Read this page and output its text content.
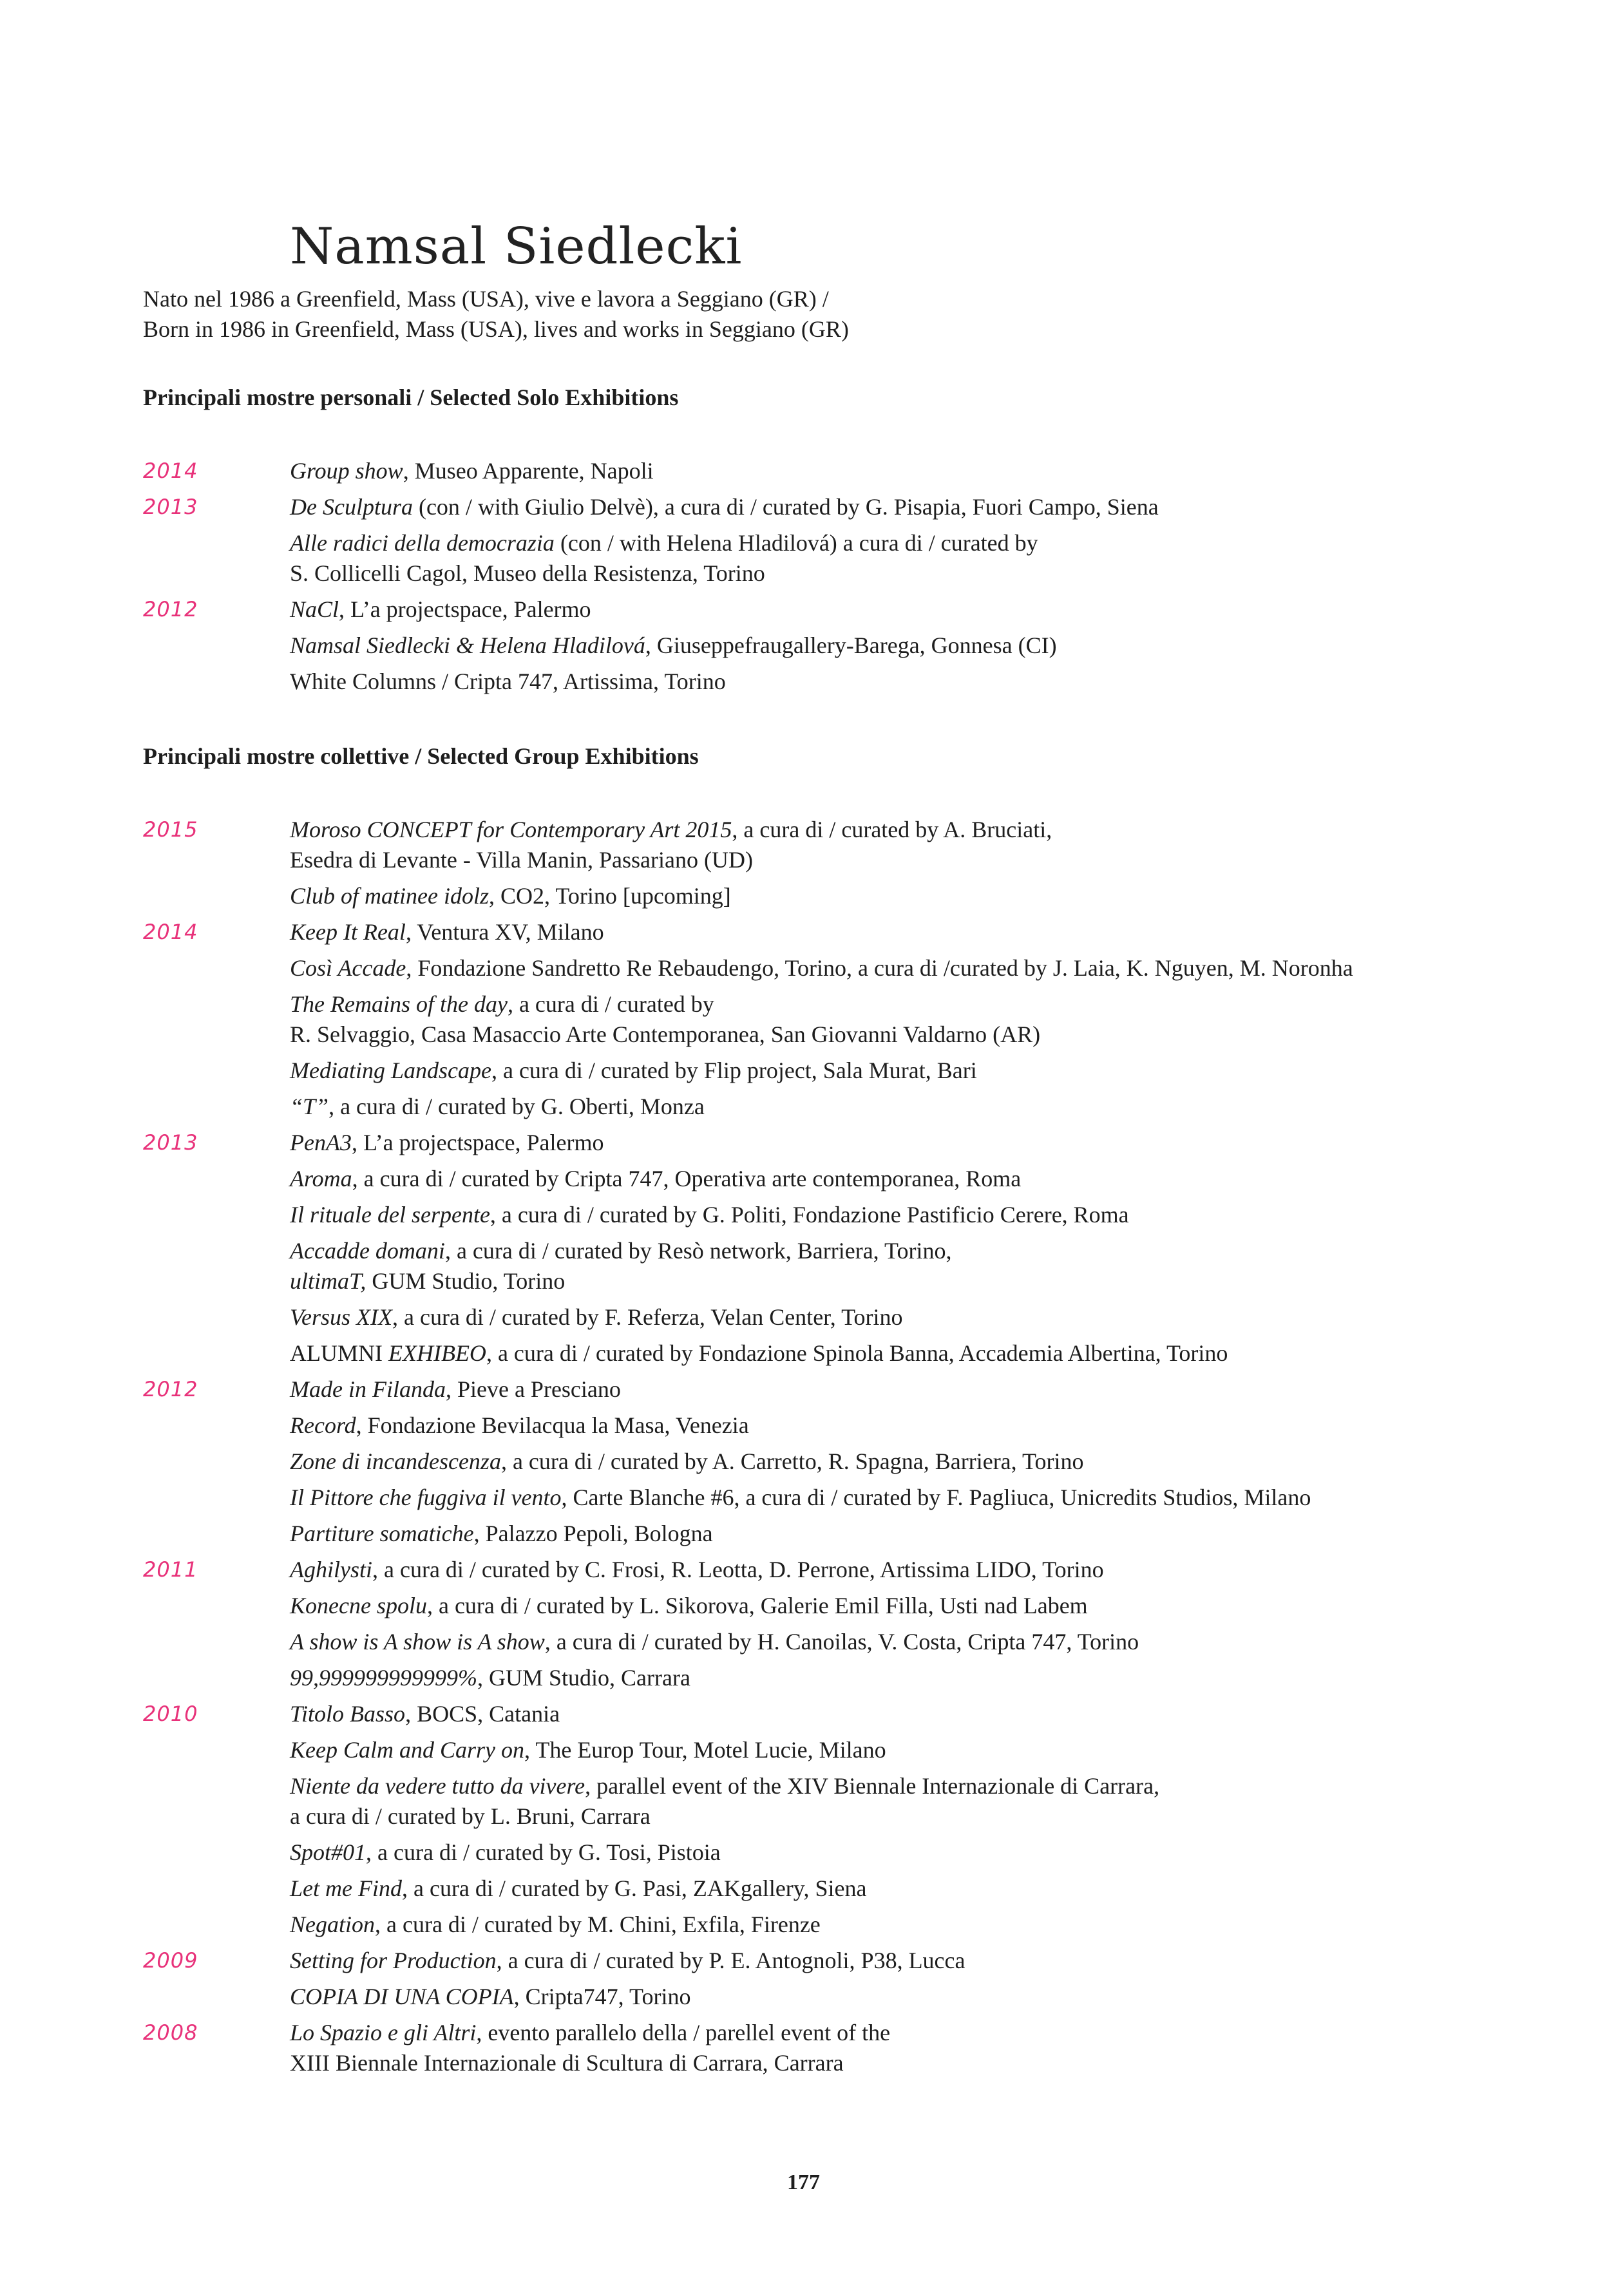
Namsal Siedlecki
Nato nel 1986 a Greenfield, Mass (USA), vive e lavora a Seggiano (GR) /
Born in 1986 in Greenfield, Mass (USA), lives and works in Seggiano (GR)
Principali mostre personali / Selected Solo Exhibitions
2014	Group show, Museo Apparente, Napoli
2013	De Sculptura (con / with Giulio Delvè), a cura di / curated by G. Pisapia, Fuori Campo, Siena
Alle radici della democrazia (con / with Helena Hladilová) a cura di / curated by
S. Collicelli Cagol, Museo della Resistenza, Torino
2012	NaCl, L’a projectspace, Palermo
Namsal Siedlecki & Helena Hladilová, Giuseppefraugallery-Barega, Gonnesa (CI)
White Columns / Cripta 747, Artissima, Torino
Principali mostre collettive / Selected Group Exhibitions
2015	Moroso CONCEPT for Contemporary Art 2015, a cura di / curated by A. Bruciati,
Esedra di Levante - Villa Manin, Passariano (UD)
Club of matinee idolz, CO2, Torino [upcoming]
2014	Keep It Real, Ventura XV, Milano
Così Accade, Fondazione Sandretto Re Rebaudengo, Torino, a cura di /curated by J. Laia, K. Nguyen, M. Noronha
The Remains of the day, a cura di / curated by
R. Selvaggio, Casa Masaccio Arte Contemporanea, San Giovanni Valdarno (AR)
Mediating Landscape, a cura di / curated by Flip project, Sala Murat, Bari
“T”, a cura di / curated by G. Oberti, Monza
2013	PenA3, L’a projectspace, Palermo
Aroma, a cura di / curated by Cripta 747, Operativa arte contemporanea, Roma
Il rituale del serpente, a cura di / curated by G. Politi, Fondazione Pastificio Cerere, Roma
Accadde domani, a cura di / curated by Resò network, Barriera, Torino,
ultimaT, GUM Studio, Torino
Versus XIX, a cura di / curated by F. Referza, Velan Center, Torino
ALUMNI EXHIBEO, a cura di / curated by Fondazione Spinola Banna, Accademia Albertina, Torino
2012	Made in Filanda, Pieve a Presciano
Record, Fondazione Bevilacqua la Masa, Venezia
Zone di incandescenza, a cura di / curated by A. Carretto, R. Spagna, Barriera, Torino
Il Pittore che fuggiva il vento, Carte Blanche #6, a cura di / curated by F. Pagliuca, Unicredits Studios, Milano
Partiture somatiche, Palazzo Pepoli, Bologna
2011	Aghilysti, a cura di / curated by C. Frosi, R. Leotta, D. Perrone, Artissima LIDO, Torino
Konecne spolu, a cura di / curated by L. Sikorova, Galerie Emil Filla, Usti nad Labem
A show is A show is A show, a cura di / curated by H. Canoilas, V. Costa, Cripta 747, Torino
99,999999999999%, GUM Studio, Carrara
2010	Titolo Basso, BOCS, Catania
Keep Calm and Carry on, The Europ Tour, Motel Lucie, Milano
Niente da vedere tutto da vivere, parallel event of the XIV Biennale Internazionale di Carrara,
a cura di / curated by L. Bruni, Carrara
Spot#01, a cura di / curated by G. Tosi, Pistoia
Let me Find, a cura di / curated by G. Pasi, ZAKgallery, Siena
Negation, a cura di / curated by M. Chini, Exfila, Firenze
2009	Setting for Production, a cura di / curated by P. E. Antognoli, P38, Lucca
COPIA DI UNA COPIA, Cripta747, Torino
2008	Lo Spazio e gli Altri, evento parallelo della / parellel event of the
XIII Biennale Internazionale di Scultura di Carrara, Carrara
177
